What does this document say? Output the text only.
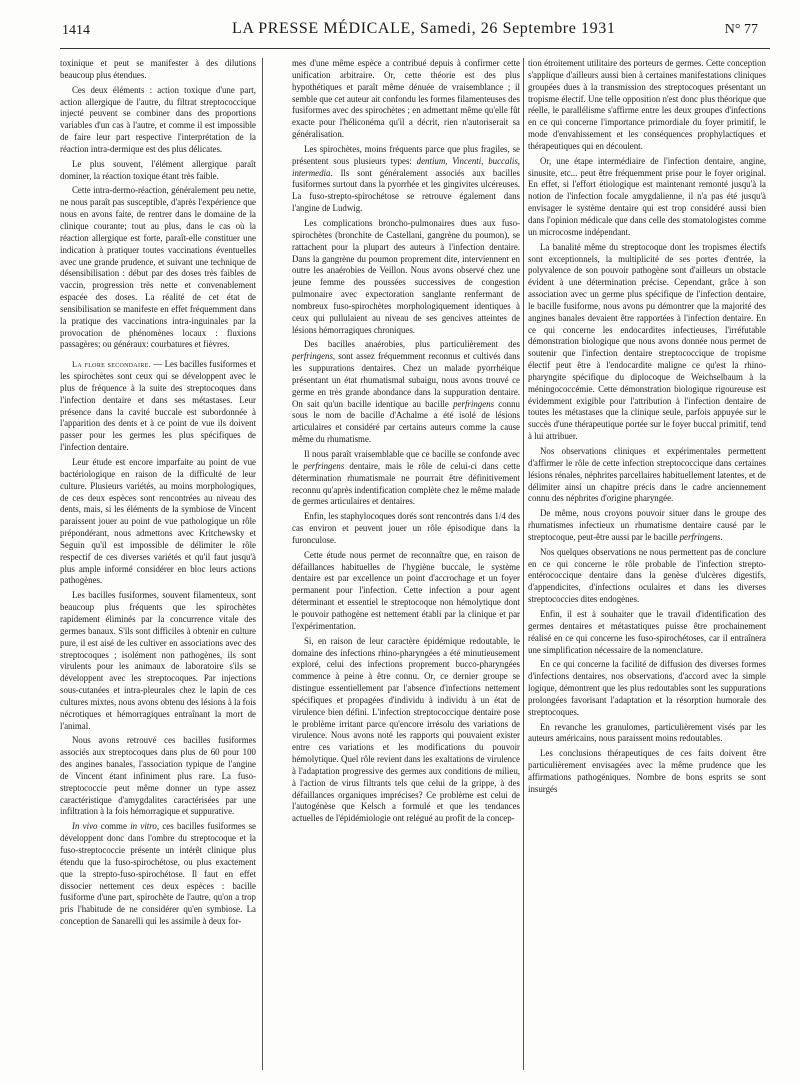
1414	LA PRESSE MÉDICALE, Samedi, 26 Septembre 1931	N° 77

toxinique et peut se manifester à des dilutions beaucoup plus étendues.

Ces deux éléments : action toxique d'une part, action allergique de l'autre, du filtrat streptococcique injecté peuvent se combiner dans des proportions variables d'un cas à l'autre, et comme il est impossible de faire leur part respective l'interprétation de la réaction intra-dermique est des plus délicates.

Le plus souvent, l'élément allergique paraît dominer, la réaction toxique étant très faible.

Cette intra-dermo-réaction, généralement peu nette, ne nous paraît pas susceptible, d'après l'expérience que nous en avons faite, de rentrer dans le domaine de la clinique courante; tout au plus, dans le cas où la réaction allergique est forte, paraît-elle constituer une indication à pratiquer toutes vaccinations éventuelles avec une grande prudence, et suivant une technique de désensibilisation : début par des doses très faibles de vaccin, progression très nette et convenablement espacée des doses. La réalité de cet état de sensibilisation se manifeste en effet fréquemment dans la pratique des vaccinations intra-inguinales par la provocation de phénomènes locaux : fluxions passagères; ou généraux: courbatures et fièvres.

La flore secondaire. — Les bacilles fusiformes et les spirochètes sont ceux qui se développent avec le plus de fréquence à la suite des streptocoques dans l'infection dentaire et dans ses métastases. Leur présence dans la cavité buccale est subordonnée à l'apparition des dents et à ce point de vue ils doivent passer pour les germes les plus spécifiques de l'infection dentaire.

Leur étude est encore imparfaite au point de vue bactériologique en raison de la difficulté de leur culture. Plusieurs variétés, au moins morphologiques, de ces deux espèces sont rencontrées au niveau des dents, mais, si les éléments de la symbiose de Vincent paraissent jouer au point de vue pathologique un rôle prépondérant, nous admettons avec Kritchewsky et Seguin qu'il est impossible de délimiter le rôle respectif de ces diverses variétés et qu'il faut jusqu'à plus ample informé considérer en bloc leurs actions pathogènes.

Les bacilles fusiformes, souvent filamenteux, sont beaucoup plus fréquents que les spirochètes rapidement éliminés par la concurrence vitale des germes banaux. S'ils sont difficiles à obtenir en culture pure, il est aisé de les cultiver en associations avec des streptocoques ; isolément non pathogènes, ils sont virulents pour les animaux de laboratoire s'ils se développent avec les streptocoques. Par injections sous-cutanées et intra-pleurales chez le lapin de ces cultures mixtes, nous avons obtenu des lésions à la fois nécrotiques et hémorragiques entraînant la mort de l'animal.

Nous avons retrouvé ces bacilles fusiformes associés aux streptocoques dans plus de 60 pour 100 des angines banales, l'association typique de l'angine de Vincent étant infiniment plus rare. La fuso-streptococcie peut même donner un type assez caractéristique d'amygdalites caractérisées par une infiltration à la fois hémorragique et suppurative.

In vivo comme in vitro, ces bacilles fusiformes se développent donc dans l'ombre du streptocoque et la fuso-streptococcie présente un intérêt clinique plus étendu que la fuso-spirochétose, ou plus exactement que la strepto-fuso-spirochétose. Il faut en effet dissocier nettement ces deux espèces : bacille fusiforme d'une part, spirochète de l'autre, qu'on a trop pris l'habitude de ne considérer qu'en symbiose. La conception de Sanarelli qui les assimile à deux for-

mes d'une même espèce a contribué depuis à confirmer cette unification arbitraire. Or, cette théorie est des plus hypothétiques et paraît même dénuée de vraisemblance ; il semble que cet auteur ait confondu les formes filamenteuses des fusiformes avec des spirochètes ; en admettant même qu'elle fût exacte pour l'héliconéma qu'il a décrit, rien n'autoriserait sa généralisation.

Les spirochètes, moins fréquents parce que plus fragiles, se présentent sous plusieurs types: dentium, Vincenti, buccalis, intermedia. Ils sont généralement associés aux bacilles fusiformes surtout dans la pyorrhée et les gingivites ulcéreuses. La fuso-strepto-spirochétose se retrouve également dans l'angine de Ludwig.

Les complications broncho-pulmonaires dues aux fuso-spirochètes (bronchite de Castellani, gangrène du poumon), se rattachent pour la plupart des auteurs à l'infection dentaire. Dans la gangrène du poumon proprement dite, interviennent en outre les anaérobies de Veillon. Nous avons observé chez une jeune femme des poussées successives de congestion pulmonaire avec expectoration sanglante renfermant de nombreux fuso-spirochètes morphologiquement identiques à ceux qui pullulaient au niveau de ses gencives atteintes de lésions hémorragiques chroniques.

Des bacilles anaérobies, plus particulièrement des perfringens, sont assez fréquemment reconnus et cultivés dans les suppurations dentaires. Chez un malade pyorrhéique présentant un état rhumatismal subaigu, nous avons trouvé ce germe en très grande abondance dans la suppuration dentaire. On sait qu'un bacille identique au bacille perfringens connu sous le nom de bacille d'Achalme a été isolé de lésions articulaires et considéré par certains auteurs comme la cause même du rhumatisme.

Il nous paraît vraisemblable que ce bacille se confonde avec le perfringens dentaire, mais le rôle de celui-ci dans cette détermination rhumatismale ne pourrait être définitivement reconnu qu'après indentification complète chez le même malade de germes articulaires et dentaires.

Enfin, les staphylocoques dorés sont rencontrés dans 1/4 des cas environ et peuvent jouer un rôle épisodique dans la furonculose.

Cette étude nous permet de reconnaître que, en raison de défaillances habituelles de l'hygiène buccale, le système dentaire est par excellence un point d'accrochage et un foyer permanent pour l'infection. Cette infection a pour agent déterminant et essentiel le streptocoque non hémolytique dont le pouvoir pathogène est nettement établi par la clinique et par l'expérimentation.

Si, en raison de leur caractère épidémique redoutable, le domaine des infections rhino-pharyngées a été minutieusement exploré, celui des infections proprement bucco-pharyngées commence à peine à être connu. Or, ce dernier groupe se distingue essentiellement par l'absence d'infections nettement spécifiques et propagées d'individu à individu à un état de virulence bien défini. L'infection streptococcique dentaire pose le problème irritant parce qu'encore irrésolu des variations de virulence. Nous avons noté les rapports qui pouvaient exister entre ces variations et les modifications du pouvoir hémolytique. Quel rôle revient dans les exaltations de virulence à l'adaptation progressive des germes aux conditions de milieu, à l'action de virus filtrants tels que celui de la grippe, à des défaillances organiques imprécises? Ce problème est celui de l'autogénèse que Kelsch a formulé et que les tendances actuelles de l'épidémiologie ont relégué au profit de la concep-

tion étroitement utilitaire des porteurs de germes. Cette conception s'applique d'ailleurs aussi bien à certaines manifestations cliniques groupées dues à la transmission des streptocoques présentant un tropisme électif. Une telle opposition n'est donc plus théorique que réelle, le parallélisme s'affirme entre les deux groupes d'infections en ce qui concerne l'importance primordiale du foyer primitif, le mode d'envahissement et les conséquences prophylactiques et thérapeutiques qui en découlent.

Or, une étape intermédiaire de l'infection dentaire, angine, sinusite, etc... peut être fréquemment prise pour le foyer original. En effet, si l'effort étiologique est maintenant remonté jusqu'à la notion de l'infection focale amygdalienne, il n'a pas été jusqu'à envisager le système dentaire qui est trop considéré aussi bien dans l'opinion médicale que dans celle des stomatologistes comme un microcosme indépendant.

La banalité même du streptocoque dont les tropismes électifs sont exceptionnels, la multiplicité de ses portes d'entrée, la polyvalence de son pouvoir pathogène sont d'ailleurs un obstacle évident à une détermination précise. Cependant, grâce à son association avec un germe plus spécifique de l'infection dentaire, le bacille fusiforme, nous avons pu démontrer que la majorité des angines banales devaient être rapportées à l'infection dentaire. En ce qui concerne les endocardites infectieuses, l'irréfutable démonstration biologique que nous avons donnée nous permet de soutenir que l'infection dentaire streptococcique de tropisme électif peut être à l'endocardite maligne ce qu'est la rhino-pharyngite spécifique du diplocoque de Weichselbaum à la méningococcémie. Cette démonstration biologique rigoureuse est évidemment exigible pour l'attribution à l'infection dentaire de toutes les métastases que la clinique seule, parfois appuyée sur le succès d'une thérapeutique portée sur le foyer buccal primitif, tend à lui attribuer.

Nos observations cliniques et expérimentales permettent d'affirmer le rôle de cette infection streptococcique dans certaines lésions rénales, néphrites parcellaires habituellement latentes, et de délimiter ainsi un chapitre précis dans le cadre anciennement connu des néphrites d'origine pharyngée.

De même, nous croyons pouvoir situer dans le groupe des rhumatismes infectieux un rhumatisme dentaire causé par le streptocoque, peut-être aussi par le bacille perfringens.

Nos quelques observations ne nous permettent pas de conclure en ce qui concerne le rôle probable de l'infection strepto-entérococcique dentaire dans la genèse d'ulcères digestifs, d'appendicites, d'infections oculaires et dans les diverses streptococcies dites endogènes.

Enfin, il est à souhaiter que le travail d'identification des germes dentaires et métastatiques puisse être prochainement réalisé en ce qui concerne les fuso-spirochétoses, car il entraînera une simplification nécessaire de la nomenclature.

En ce qui concerne la facilité de diffusion des diverses formes d'infections dentaires, nos observations, d'accord avec la simple logique, démontrent que les plus redoutables sont les suppurations prolongées favorisant l'adaptation et la résorption humorale des streptocoques.

En revanche les granulomes, particulièrement visés par les auteurs américains, nous paraissent moins redoutables.

Les conclusions thérapeutiques de ces faits doivent être particulièrement envisagées avec la même prudence que les affirmations pathogéniques. Nombre de bons esprits se sont insurgés
